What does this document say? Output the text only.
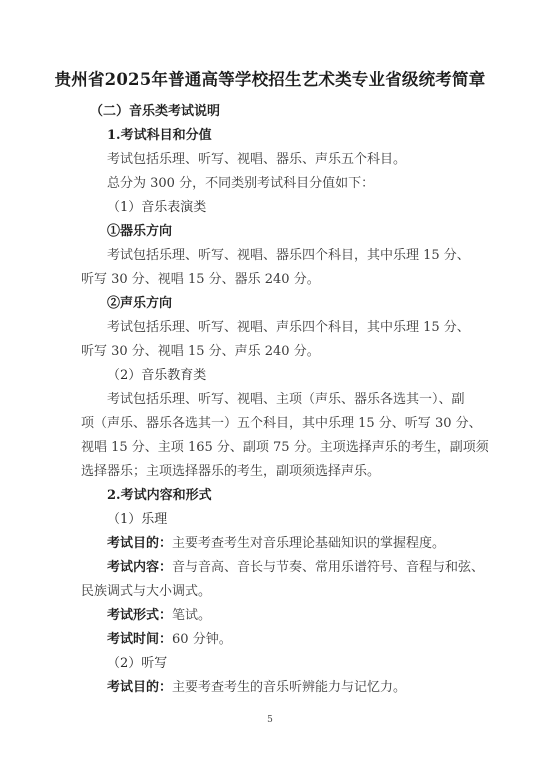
贵州省2025年普通高等学校招生艺术类专业省级统考简章
（二）音乐类考试说明
1.考试科目和分值
考试包括乐理、听写、视唱、器乐、声乐五个科目。
总分为 300 分，不同类别考试科目分值如下：
（1）音乐表演类
①器乐方向
考试包括乐理、听写、视唱、器乐四个科目，其中乐理 15 分、
听写 30 分、视唱 15 分、器乐 240 分。
②声乐方向
考试包括乐理、听写、视唱、声乐四个科目，其中乐理 15 分、
听写 30 分、视唱 15 分、声乐 240 分。
（2）音乐教育类
考试包括乐理、听写、视唱、主项（声乐、器乐各选其一）、副
项（声乐、器乐各选其一）五个科目，其中乐理 15 分、听写 30 分、
视唱 15 分、主项 165 分、副项 75 分。主项选择声乐的考生，副项须
选择器乐；主项选择器乐的考生，副项须选择声乐。
2.考试内容和形式
（1）乐理
考试目的：主要考查考生对音乐理论基础知识的掌握程度。
考试内容：音与音高、音长与节奏、常用乐谱符号、音程与和弦、
民族调式与大小调式。
考试形式：笔试。
考试时间：60 分钟。
（2）听写
考试目的：主要考查考生的音乐听辨能力与记忆力。
5
